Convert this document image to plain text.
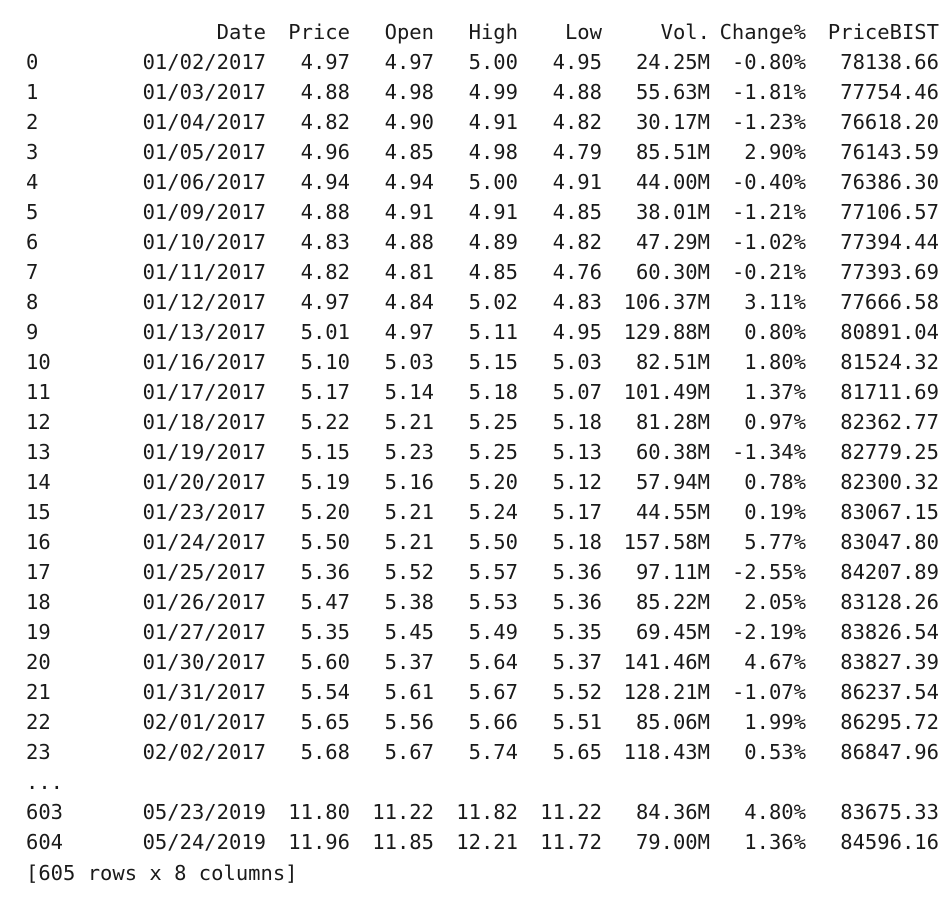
	Date	Price	Open	High	Low	Vol.	Change%	PriceBIST
0	01/02/2017	4.97	4.97	5.00	4.95	24.25M	-0.80%	78138.66
1	01/03/2017	4.88	4.98	4.99	4.88	55.63M	-1.81%	77754.46
2	01/04/2017	4.82	4.90	4.91	4.82	30.17M	-1.23%	76618.20
3	01/05/2017	4.96	4.85	4.98	4.79	85.51M	2.90%	76143.59
4	01/06/2017	4.94	4.94	5.00	4.91	44.00M	-0.40%	76386.30
5	01/09/2017	4.88	4.91	4.91	4.85	38.01M	-1.21%	77106.57
6	01/10/2017	4.83	4.88	4.89	4.82	47.29M	-1.02%	77394.44
7	01/11/2017	4.82	4.81	4.85	4.76	60.30M	-0.21%	77393.69
8	01/12/2017	4.97	4.84	5.02	4.83	106.37M	3.11%	77666.58
9	01/13/2017	5.01	4.97	5.11	4.95	129.88M	0.80%	80891.04
10	01/16/2017	5.10	5.03	5.15	5.03	82.51M	1.80%	81524.32
11	01/17/2017	5.17	5.14	5.18	5.07	101.49M	1.37%	81711.69
12	01/18/2017	5.22	5.21	5.25	5.18	81.28M	0.97%	82362.77
13	01/19/2017	5.15	5.23	5.25	5.13	60.38M	-1.34%	82779.25
14	01/20/2017	5.19	5.16	5.20	5.12	57.94M	0.78%	82300.32
15	01/23/2017	5.20	5.21	5.24	5.17	44.55M	0.19%	83067.15
16	01/24/2017	5.50	5.21	5.50	5.18	157.58M	5.77%	83047.80
17	01/25/2017	5.36	5.52	5.57	5.36	97.11M	-2.55%	84207.89
18	01/26/2017	5.47	5.38	5.53	5.36	85.22M	2.05%	83128.26
19	01/27/2017	5.35	5.45	5.49	5.35	69.45M	-2.19%	83826.54
20	01/30/2017	5.60	5.37	5.64	5.37	141.46M	4.67%	83827.39
21	01/31/2017	5.54	5.61	5.67	5.52	128.21M	-1.07%	86237.54
22	02/01/2017	5.65	5.56	5.66	5.51	85.06M	1.99%	86295.72
23	02/02/2017	5.68	5.67	5.74	5.65	118.43M	0.53%	86847.96
...								
603	05/23/2019	11.80	11.22	11.82	11.22	84.36M	4.80%	83675.33
604	05/24/2019	11.96	11.85	12.21	11.72	79.00M	1.36%	84596.16
[605 rows x 8 columns]
